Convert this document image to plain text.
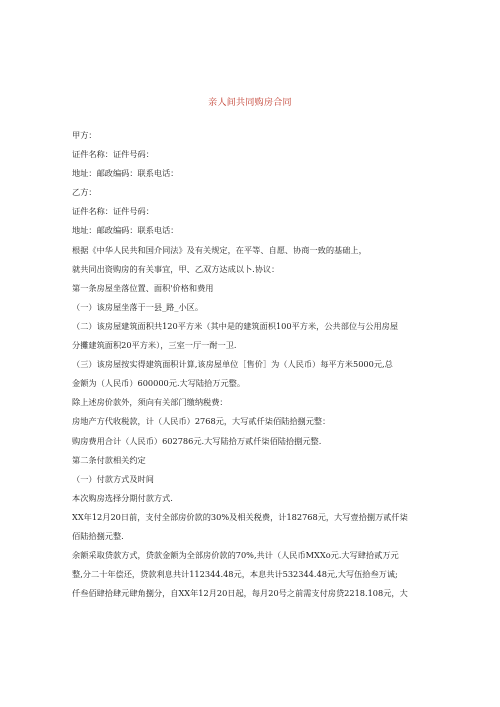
亲人间共同购房合同

甲方：

证件名称：证件号码：

地址：邮政编码：联系电话：

乙方：

证件名称：证件号码：

地址：邮政编码：联系电话：

根据《中华人民共和国介同法》及有关规定，在平等、自愿、协商一致的基础上，

就共同出资购房的有关事宜，甲、乙双方达成以卜.协议：

第一条房屋坐落位置、面积'价格和费用

（一）该房屋坐落于一县_路_小区。

（二）该房屋建筑面积共120平方米（其中是的建筑面枳100平方米，公共部位与公用房屋

分攤建筑面积20平方米），三室一厅一酎一卫.

（三）该房屋按实得建筑面积计算,该房屋单位［售价］为（人民币）每平方米5000元,总

金额为（人民币）600000元.大写陆拾万元整。

除上述房价款外，须向有关部门缴纳税费：

房地产方代收税款，计（人民币）2768元，大写贰仟柒佰陆拾捌元整：

购房费用合计（人民币）602786元.大写陆拾万贰仟柒佰陆拾捌元整.

第二条付款相关约定

（一）付款方式及时间

本次购房选择分期付款方式.

XX年12月20日前，支付全部房价款的30%及相关税费，计182768元，大写壹拾捌万贰仟柒

佰陆拾捌元整.

余额采取贷款方式，贷款金额为全部房价款的70%,共计（人民币MXXo元.大写肆拾贰万元

整,分二十年偿还，贷款利息共计112344.48元，本息共计532344.48元,大写伍拾叁万诚;

仟叁佰肆拾肆元肆角捌分，自XX年12月20日起，每月20号之前需支付房贷2218.108元，大
